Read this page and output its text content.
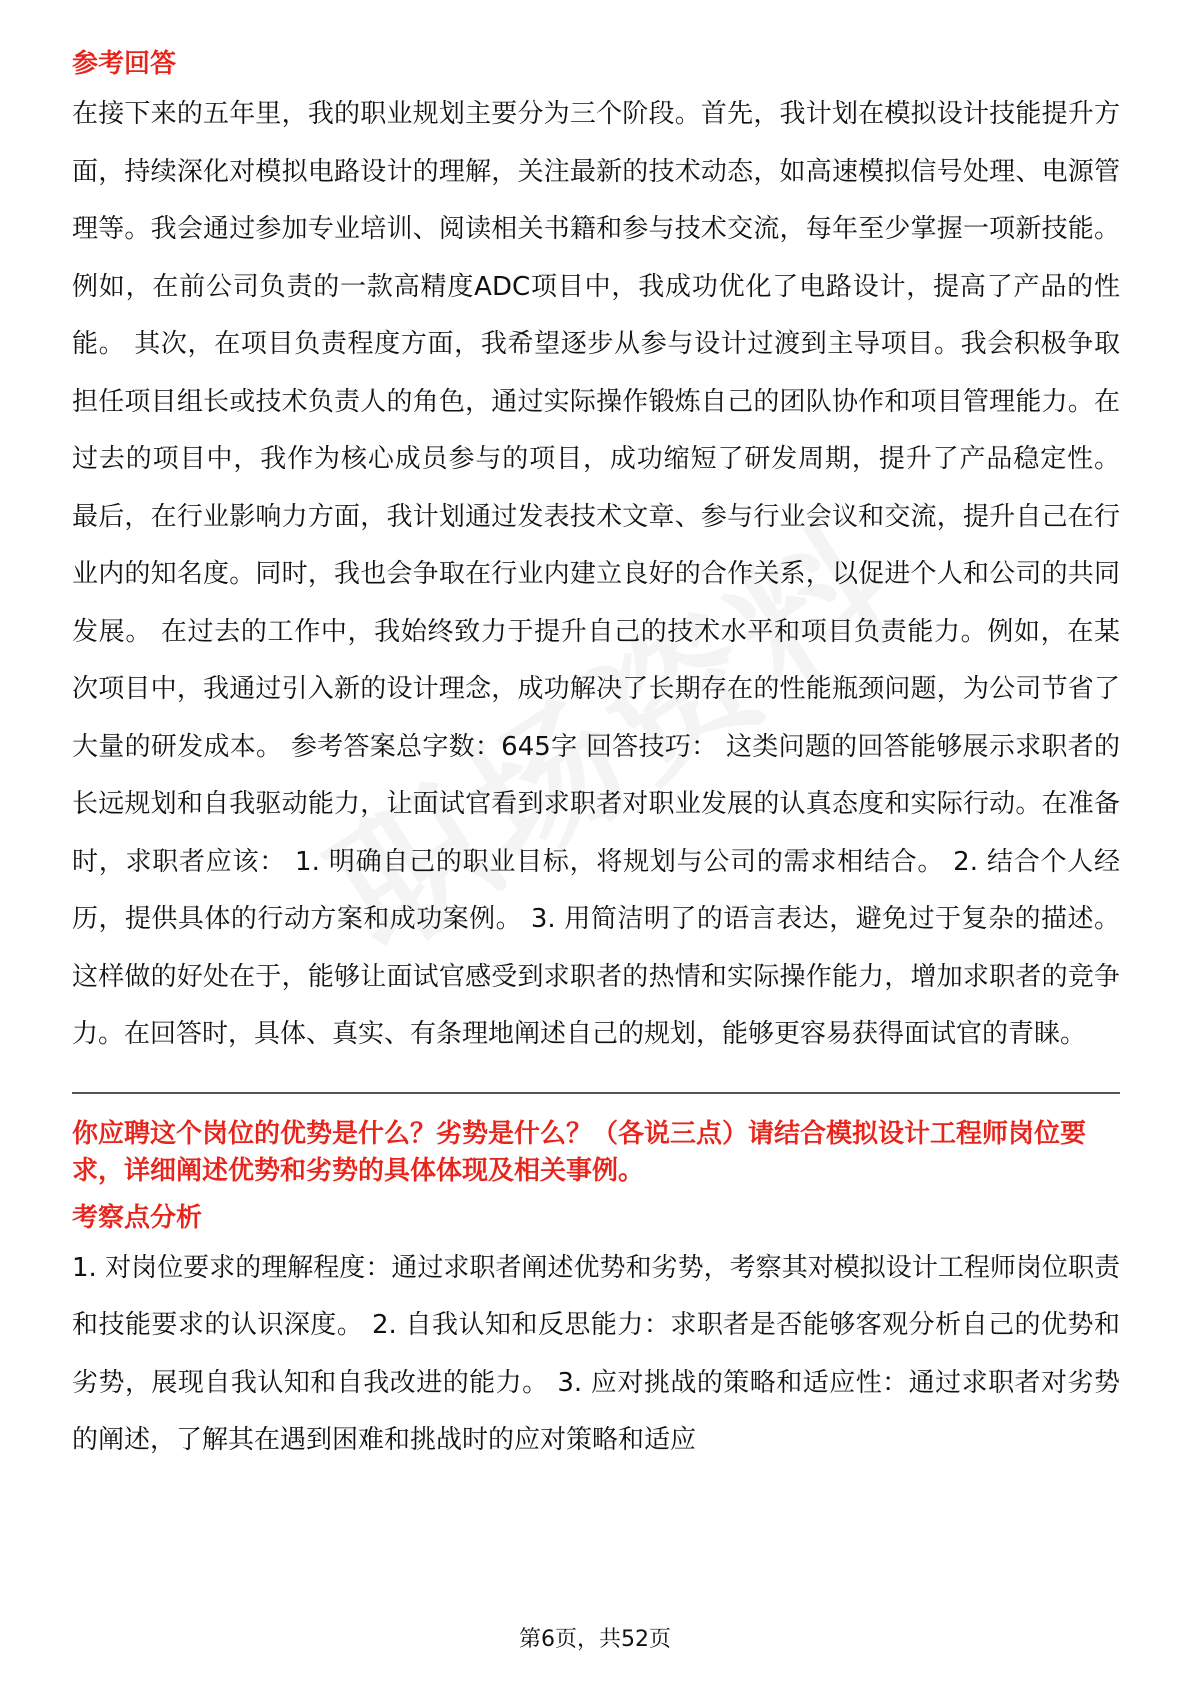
参考回答

在接下来的五年里，我的职业规划主要分为三个阶段。首先，我计划在模拟设计技能提升方面，持续深化对模拟电路设计的理解，关注最新的技术动态，如高速模拟信号处理、电源管理等。我会通过参加专业培训、阅读相关书籍和参与技术交流，每年至少掌握一项新技能。例如，在前公司负责的一款高精度ADC项目中，我成功优化了电路设计，提高了产品的性能。 其次，在项目负责程度方面，我希望逐步从参与设计过渡到主导项目。我会积极争取担任项目组长或技术负责人的角色，通过实际操作锻炼自己的团队协作和项目管理能力。在过去的项目中，我作为核心成员参与的项目，成功缩短了研发周期，提升了产品稳定性。 最后，在行业影响力方面，我计划通过发表技术文章、参与行业会议和交流，提升自己在行业内的知名度。同时，我也会争取在行业内建立良好的合作关系，以促进个人和公司的共同发展。 在过去的工作中，我始终致力于提升自己的技术水平和项目负责能力。例如，在某次项目中，我通过引入新的设计理念，成功解决了长期存在的性能瓶颈问题，为公司节省了大量的研发成本。 参考答案总字数：645字 回答技巧： 这类问题的回答能够展示求职者的长远规划和自我驱动能力，让面试官看到求职者对职业发展的认真态度和实际行动。在准备时，求职者应该： 1. 明确自己的职业目标，将规划与公司的需求相结合。 2. 结合个人经历，提供具体的行动方案和成功案例。 3. 用简洁明了的语言表达，避免过于复杂的描述。 这样做的好处在于，能够让面试官感受到求职者的热情和实际操作能力，增加求职者的竞争力。在回答时，具体、真实、有条理地阐述自己的规划，能够更容易获得面试官的青睐。

你应聘这个岗位的优势是什么？劣势是什么？（各说三点）请结合模拟设计工程师岗位要求，详细阐述优势和劣势的具体体现及相关事例。

考察点分析

1. 对岗位要求的理解程度：通过求职者阐述优势和劣势，考察其对模拟设计工程师岗位职责和技能要求的认识深度。 2. 自我认知和反思能力：求职者是否能够客观分析自己的优势和劣势，展现自我认知和自我改进的能力。 3. 应对挑战的策略和适应性：通过求职者对劣势的阐述，了解其在遇到困难和挑战时的应对策略和适应

第6页，共52页
